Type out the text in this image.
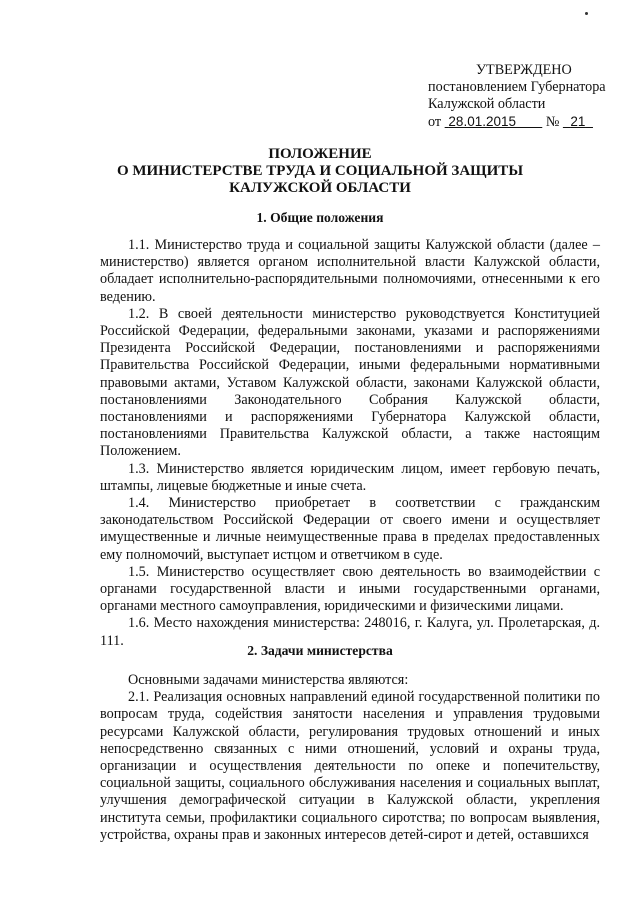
УТВЕРЖДЕНО
постановлением Губернатора
Калужской области
от 28.01.2015 № 21
ПОЛОЖЕНИЕ
О МИНИСТЕРСТВЕ ТРУДА И СОЦИАЛЬНОЙ ЗАЩИТЫ
КАЛУЖСКОЙ ОБЛАСТИ
1. Общие положения

1.1. Министерство труда и социальной защиты Калужской области (далее – министерство) является органом исполнительной власти Калужской области, обладает исполнительно-распорядительными полномочиями, отнесенными к его ведению.

1.2. В своей деятельности министерство руководствуется Конституцией Российской Федерации, федеральными законами, указами и распоряжениями Президента Российской Федерации, постановлениями и распоряжениями Правительства Российской Федерации, иными федеральными нормативными правовыми актами, Уставом Калужской области, законами Калужской области, постановлениями Законодательного Собрания Калужской области, постановлениями и распоряжениями Губернатора Калужской области, постановлениями Правительства Калужской области, а также настоящим Положением.

1.3. Министерство является юридическим лицом, имеет гербовую печать, штампы, лицевые бюджетные и иные счета.

1.4. Министерство приобретает в соответствии с гражданским законодательством Российской Федерации от своего имени и осуществляет имущественные и личные неимущественные права в пределах предоставленных ему полномочий, выступает истцом и ответчиком в суде.

1.5. Министерство осуществляет свою деятельность во взаимодействии с органами государственной власти и иными государственными органами, органами местного самоуправления, юридическими и физическими лицами.

1.6. Место нахождения министерства: 248016, г. Калуга, ул. Пролетарская, д. 111.

2. Задачи министерства

Основными задачами министерства являются:

2.1. Реализация основных направлений единой государственной политики по вопросам труда, содействия занятости населения и управления трудовыми ресурсами Калужской области, регулирования трудовых отношений и иных непосредственно связанных с ними отношений, условий и охраны труда, организации и осуществления деятельности по опеке и попечительству, социальной защиты, социального обслуживания населения и социальных выплат, улучшения демографической ситуации в Калужской области, укрепления института семьи, профилактики социального сиротства; по вопросам выявления, устройства, охраны прав и законных интересов детей-сирот и детей, оставшихся
